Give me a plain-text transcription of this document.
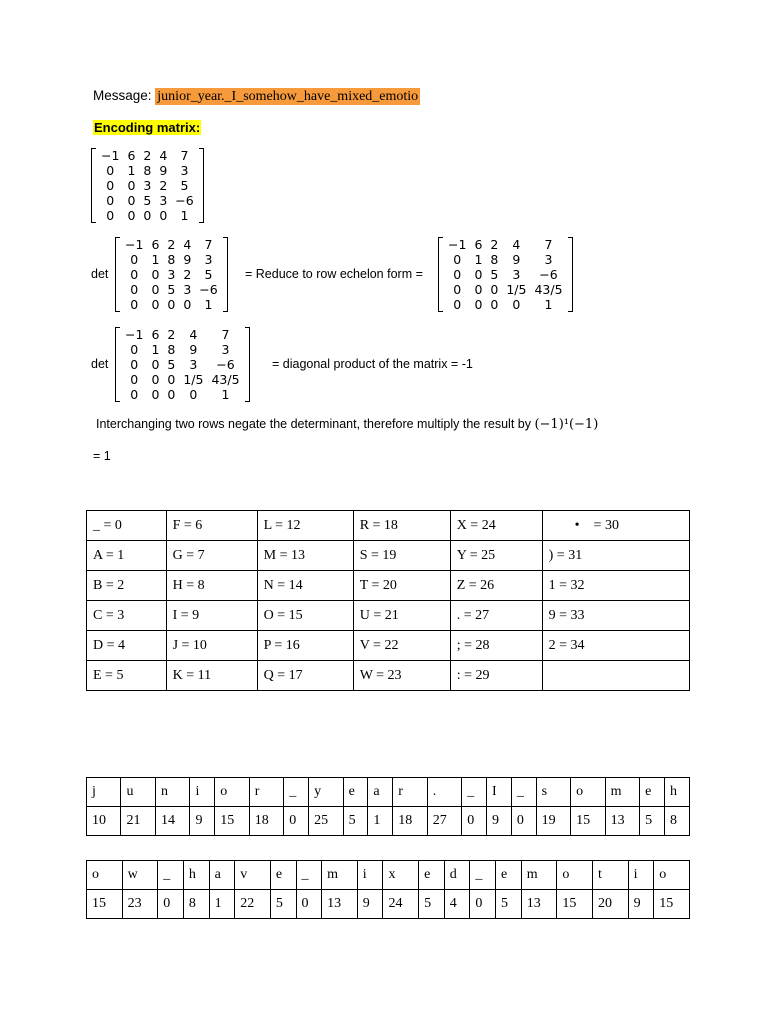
Message: junior_year._I_somehow_have_mixed_emotio
Encoding matrix:
−1	6	2	4	7
0	1	8	9	3
0	0	3	2	5
0	0	5	3	−6
0	0	0	0	1
det
−1	6	2	4	7
0	1	8	9	3
0	0	3	2	5
0	0	5	3	−6
0	0	0	0	1
= Reduce to row echelon form =
−1	6	2	4	7
0	1	8	9	3
0	0	5	3	−6
0	0	0	1/5	43/5
0	0	0	0	1
det
−1	6	2	4	7
0	1	8	9	3
0	0	5	3	−6
0	0	0	1/5	43/5
0	0	0	0	1
= diagonal product of the matrix = -1
Interchanging two rows negate the determinant, therefore multiply the result by (−1)¹(−1)
= 1
_ = 0	F = 6	L = 12	R = 18	X = 24	• = 30
A = 1	G = 7	M = 13	S = 19	Y = 25	) = 31
B = 2	H = 8	N = 14	T = 20	Z = 26	1 = 32
C = 3	I = 9	O = 15	U = 21	. = 27	9 = 33
D = 4	J = 10	P = 16	V = 22	; = 28	2 = 34
E = 5	K = 11	Q = 17	W = 23	: = 29	
j	u	n	i	o	r	_	y	e	a	r	.	_	I	_	s	o	m	e	h
10	21	14	9	15	18	0	25	5	1	18	27	0	9	0	19	15	13	5	8
o	w	_	h	a	v	e	_	m	i	x	e	d	_	e	m	o	t	i	o
15	23	0	8	1	22	5	0	13	9	24	5	4	0	5	13	15	20	9	15
